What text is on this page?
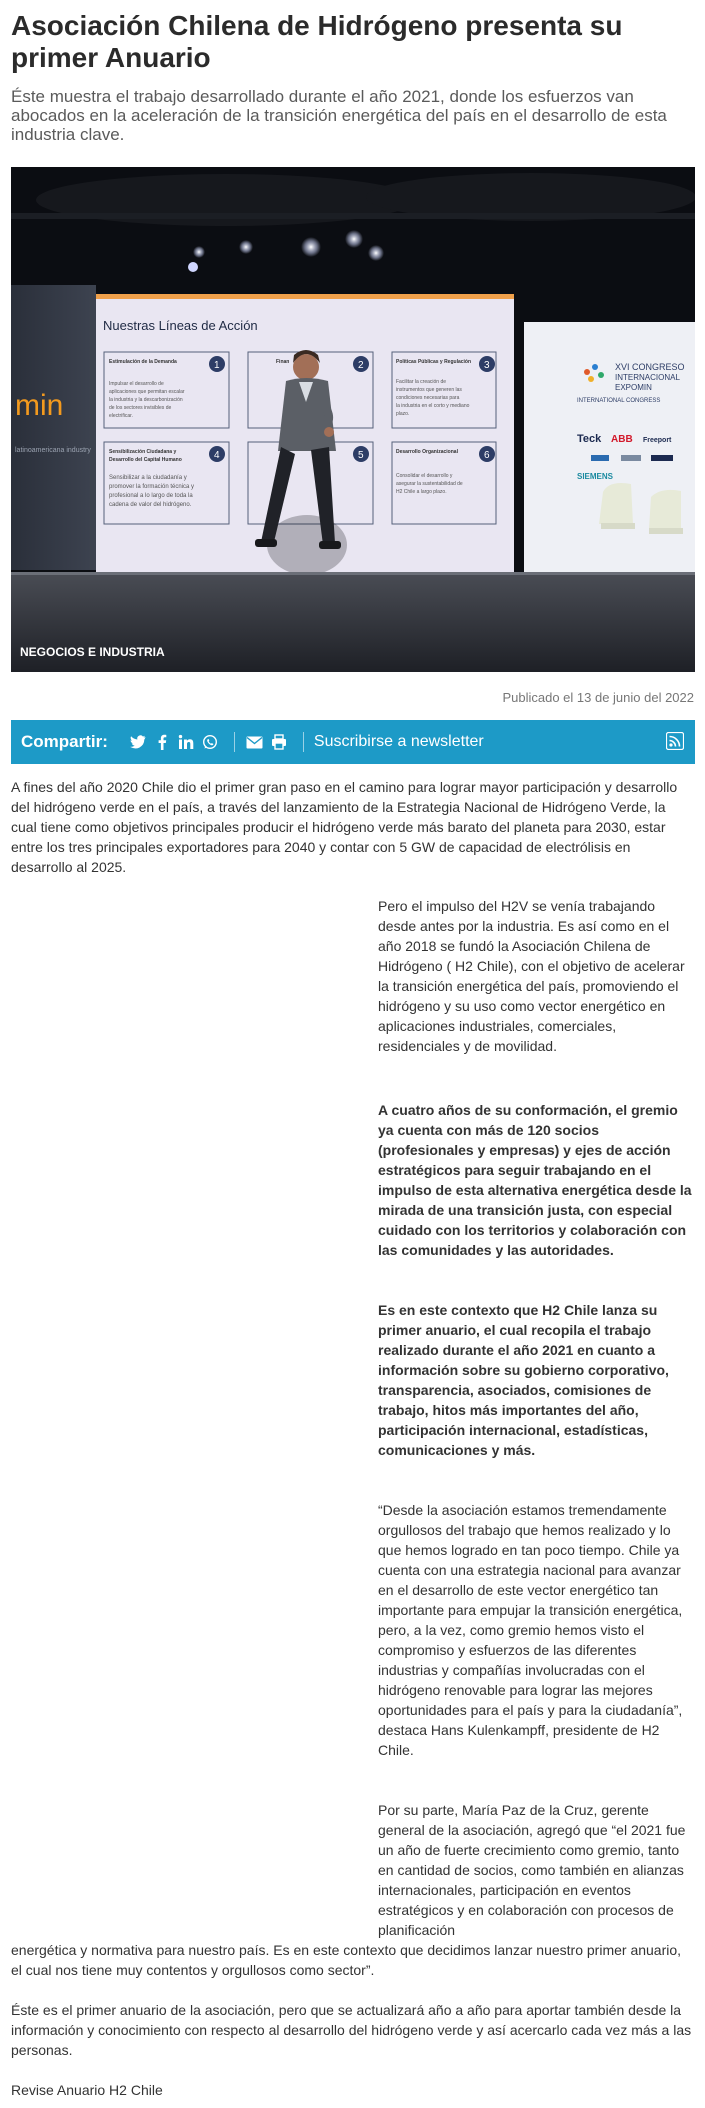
Asociación Chilena de Hidrógeno presenta su primer Anuario

Éste muestra el trabajo desarrollado durante el año 2021, donde los esfuerzos van abocados en la aceleración de la transición energética del país en el desarrollo de esta industria clave.

min
latinoamericana industry
Nuestras Líneas de Acción
1
Estimulación de la Demanda
Impulsar el desarrollo de
aplicaciones que permitan escalar
la industria y la descarbonización
de los sectores invisibles de
electrificar.
2
Finan	3
Políticas Públicas y Regulación
Facilitar la creación de
instrumentos que generen las
condiciones necesarias para
la industria en el corto y mediano
plazo.
4
Sensibilización Ciudadana y
Desarrollo del Capital Humano
Sensibilizar a la ciudadanía y
promover la formación técnica y
profesional a lo largo de toda la
cadena de valor del hidrógeno.
5	6
Desarrollo Organizacional
Consolidar el desarrollo y
asegurar la sustentabilidad de
H2 Chile a largo plazo.
XVI CONGRESO
INTERNACIONAL
EXPOMIN
INTERNATIONAL CONGRESS
Teck ABB Freeport
SIEMENS
NEGOCIOS E INDUSTRIA
Publicado el 13 de junio del 2022
Compartir:	Suscribirse a newsletter

A fines del año 2020 Chile dio el primer gran paso en el camino para lograr mayor participación y desarrollo del hidrógeno verde en el país, a través del lanzamiento de la Estrategia Nacional de Hidrógeno Verde, la cual tiene como objetivos principales producir el hidrógeno verde más barato del planeta para 2030, estar entre los tres principales exportadores para 2040 y contar con 5 GW de capacidad de electrólisis en desarrollo al 2025.

Pero el impulso del H2V se venía trabajando desde antes por la industria. Es así como en el año 2018 se fundó la Asociación Chilena de Hidrógeno ( H2 Chile), con el objetivo de acelerar la transición energética del país, promoviendo el hidrógeno y su uso como vector energético en aplicaciones industriales, comerciales, residenciales y de movilidad.

A cuatro años de su conformación, el gremio ya cuenta con más de 120 socios (profesionales y empresas) y ejes de acción estratégicos para seguir trabajando en el impulso de esta alternativa energética desde la mirada de una transición justa, con especial cuidado con los territorios y colaboración con las comunidades y las autoridades.

Es en este contexto que H2 Chile lanza su primer anuario, el cual recopila el trabajo realizado durante el año 2021 en cuanto a información sobre su gobierno corporativo, transparencia, asociados, comisiones de trabajo, hitos más importantes del año, participación internacional, estadísticas, comunicaciones y más.

“Desde la asociación estamos tremendamente orgullosos del trabajo que hemos realizado y lo que hemos logrado en tan poco tiempo. Chile ya cuenta con una estrategia nacional para avanzar en el desarrollo de este vector energético tan importante para empujar la transición energética, pero, a la vez, como gremio hemos visto el compromiso y esfuerzos de las diferentes industrias y compañías involucradas con el hidrógeno renovable para lograr las mejores oportunidades para el país y para la ciudadanía”, destaca Hans Kulenkampff, presidente de H2 Chile.

Por su parte, María Paz de la Cruz, gerente general de la asociación, agregó que “el 2021 fue un año de fuerte crecimiento como gremio, tanto en cantidad de socios, como también en alianzas internacionales, participación en eventos estratégicos y en colaboración con procesos de planificación

energética y normativa para nuestro país. Es en este contexto que decidimos lanzar nuestro primer anuario, el cual nos tiene muy contentos y orgullosos como sector”.

Éste es el primer anuario de la asociación, pero que se actualizará año a año para aportar también desde la información y conocimiento con respecto al desarrollo del hidrógeno verde y así acercarlo cada vez más a las personas.

Revise Anuario H2 Chile
